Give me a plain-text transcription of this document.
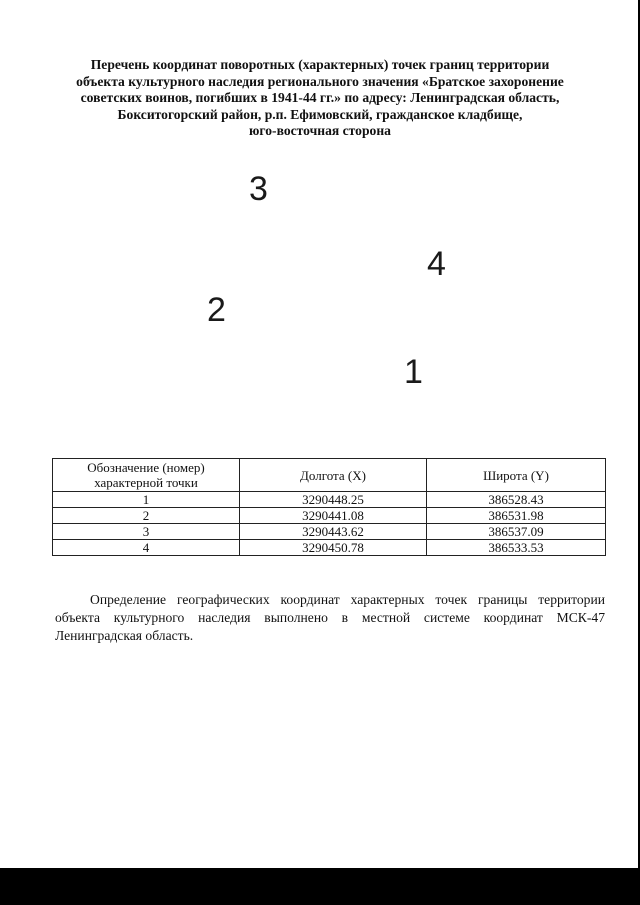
Перечень координат поворотных (характерных) точек границ территории
объекта культурного наследия регионального значения «Братское захоронение
советских воинов, погибших в 1941-44 гг.» по адресу: Ленинградская область,
Бокситогорский район, р.п. Ефимовский, гражданское кладбище,
юго-восточная сторона
3
4
2
1
Обозначение (номер) характерной точки	Долгота (X)	Широта (Y)
1	3290448.25	386528.43
2	3290441.08	386531.98
3	3290443.62	386537.09
4	3290450.78	386533.53

Определение географических координат характерных точек границы территории объекта культурного наследия выполнено в местной системе координат МСК-47 Ленинградская область.
